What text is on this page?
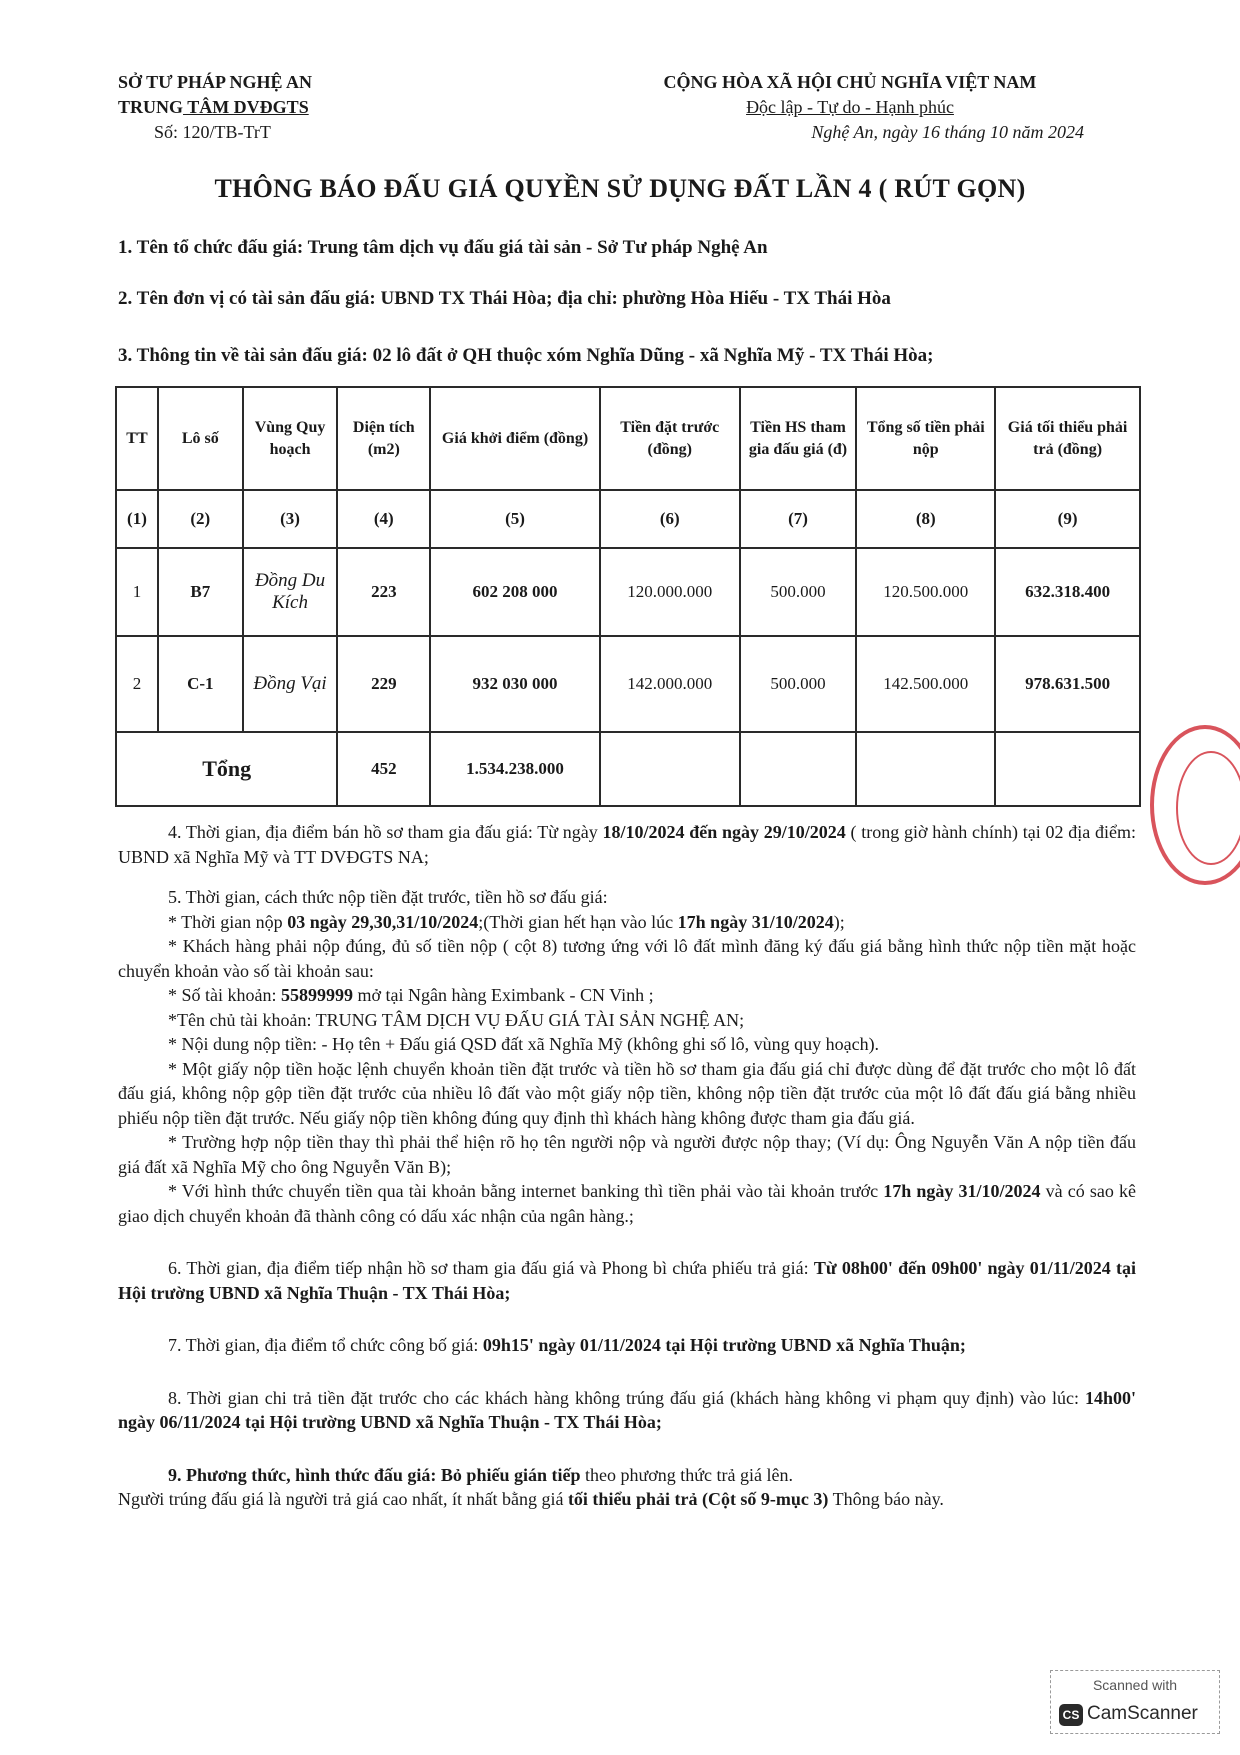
SỞ TƯ PHÁP NGHỆ AN
TRUNG TÂM DVĐGTS
Số: 120/TB-TrT
CỘNG HÒA XÃ HỘI CHỦ NGHĨA VIỆT NAM
Độc lập - Tự do - Hạnh phúc
Nghệ An, ngày 16 tháng 10 năm 2024
THÔNG BÁO ĐẤU GIÁ QUYỀN SỬ DỤNG ĐẤT LẦN 4 ( RÚT GỌN)
1. Tên tổ chức đấu giá: Trung tâm dịch vụ đấu giá tài sản - Sở Tư pháp Nghệ An
2. Tên đơn vị có tài sản đấu giá: UBND TX Thái Hòa; địa chỉ: phường Hòa Hiếu - TX Thái Hòa
3. Thông tin về tài sản đấu giá: 02 lô đất ở QH thuộc xóm Nghĩa Dũng - xã Nghĩa Mỹ - TX Thái Hòa;
TT	Lô số	Vùng Quy hoạch	Diện tích (m2)	Giá khởi điểm (đồng)	Tiền đặt trước (đồng)	Tiền HS tham gia đấu giá (đ)	Tổng số tiền phải nộp	Giá tối thiểu phải trả (đồng)
(1)	(2)	(3)	(4)	(5)	(6)	(7)	(8)	(9)
1	B7	Đồng Du Kích	223	602 208 000	120.000.000	500.000	120.500.000	632.318.400
2	C-1	Đồng Vại	229	932 030 000	142.000.000	500.000	142.500.000	978.631.500
Tổng			452	1.534.238.000				

4. Thời gian, địa điểm bán hồ sơ tham gia đấu giá: Từ ngày 18/10/2024 đến ngày 29/10/2024 ( trong giờ hành chính) tại 02 địa điểm: UBND xã Nghĩa Mỹ và TT DVĐGTS NA;

5. Thời gian, cách thức nộp tiền đặt trước, tiền hồ sơ đấu giá:

* Thời gian nộp 03 ngày 29,30,31/10/2024;(Thời gian hết hạn vào lúc 17h ngày 31/10/2024);

* Khách hàng phải nộp đúng, đủ số tiền nộp ( cột 8) tương ứng với lô đất mình đăng ký đấu giá bằng hình thức nộp tiền mặt hoặc chuyển khoản vào số tài khoản sau:

* Số tài khoản: 55899999 mở tại Ngân hàng Eximbank - CN Vinh ;

*Tên chủ tài khoản: TRUNG TÂM DỊCH VỤ ĐẤU GIÁ TÀI SẢN NGHỆ AN;

* Nội dung nộp tiền: - Họ tên + Đấu giá QSD đất xã Nghĩa Mỹ (không ghi số lô, vùng quy hoạch).

* Một giấy nộp tiền hoặc lệnh chuyển khoản tiền đặt trước và tiền hồ sơ tham gia đấu giá chỉ được dùng để đặt trước cho một lô đất đấu giá, không nộp gộp tiền đặt trước của nhiều lô đất vào một giấy nộp tiền, không nộp tiền đặt trước của một lô đất đấu giá bằng nhiều phiếu nộp tiền đặt trước. Nếu giấy nộp tiền không đúng quy định thì khách hàng không được tham gia đấu giá.

* Trường hợp nộp tiền thay thì phải thể hiện rõ họ tên người nộp và người được nộp thay; (Ví dụ: Ông Nguyễn Văn A nộp tiền đấu giá đất xã Nghĩa Mỹ cho ông Nguyễn Văn B);

* Với hình thức chuyển tiền qua tài khoản bằng internet banking thì tiền phải vào tài khoản trước 17h ngày 31/10/2024 và có sao kê giao dịch chuyển khoản đã thành công có dấu xác nhận của ngân hàng.;

6. Thời gian, địa điểm tiếp nhận hồ sơ tham gia đấu giá và Phong bì chứa phiếu trả giá: Từ 08h00' đến 09h00' ngày 01/11/2024 tại Hội trường UBND xã Nghĩa Thuận - TX Thái Hòa;

7. Thời gian, địa điểm tổ chức công bố giá: 09h15' ngày 01/11/2024 tại Hội trường UBND xã Nghĩa Thuận;

8. Thời gian chi trả tiền đặt trước cho các khách hàng không trúng đấu giá (khách hàng không vi phạm quy định) vào lúc: 14h00' ngày 06/11/2024 tại Hội trường UBND xã Nghĩa Thuận - TX Thái Hòa;

9. Phương thức, hình thức đấu giá: Bỏ phiếu gián tiếp theo phương thức trả giá lên.

Người trúng đấu giá là người trả giá cao nhất, ít nhất bằng giá tối thiểu phải trả (Cột số 9-mục 3) Thông báo này.

Scanned with
CS CamScanner
